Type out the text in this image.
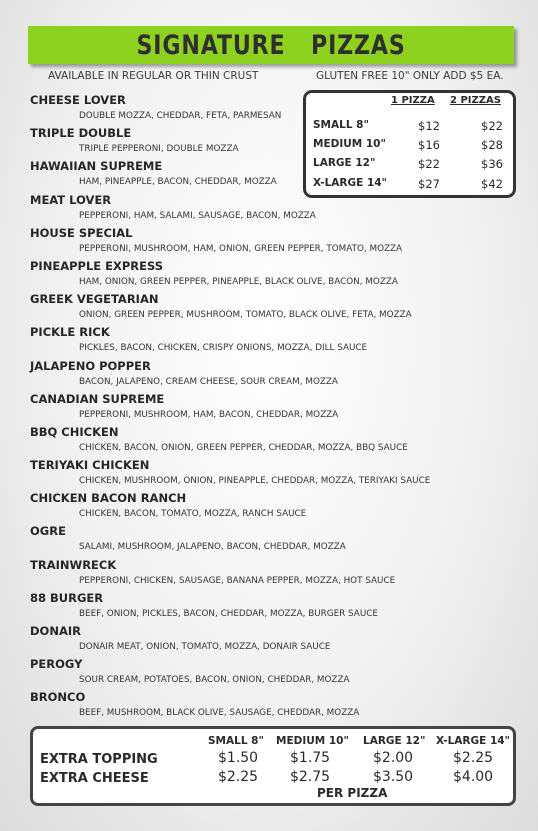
SIGNATURE   PIZZAS
AVAILABLE IN REGULAR OR THIN CRUST	GLUTEN FREE 10" ONLY ADD $5 EA.
CHEESE LOVER
DOUBLE MOZZA, CHEDDAR, FETA, PARMESAN
TRIPLE DOUBLE
TRIPLE PEPPERONI, DOUBLE MOZZA
HAWAIIAN SUPREME
HAM, PINEAPPLE, BACON, CHEDDAR, MOZZA
MEAT LOVER
PEPPERONI, HAM, SALAMI, SAUSAGE, BACON, MOZZA
HOUSE SPECIAL
PEPPERONI, MUSHROOM, HAM, ONION, GREEN PEPPER, TOMATO, MOZZA
PINEAPPLE EXPRESS
HAM, ONION, GREEN PEPPER, PINEAPPLE, BLACK OLIVE, BACON, MOZZA
GREEK VEGETARIAN
ONION, GREEN PEPPER, MUSHROOM, TOMATO, BLACK OLIVE, FETA, MOZZA
PICKLE RICK
PICKLES, BACON, CHICKEN, CRISPY ONIONS, MOZZA, DILL SAUCE
JALAPENO POPPER
BACON, JALAPENO, CREAM CHEESE, SOUR CREAM, MOZZA
CANADIAN SUPREME
PEPPERONI, MUSHROOM, HAM, BACON, CHEDDAR, MOZZA
BBQ CHICKEN
CHICKEN, BACON, ONION, GREEN PEPPER, CHEDDAR, MOZZA, BBQ SAUCE
TERIYAKI CHICKEN
CHICKEN, MUSHROOM, ONION, PINEAPPLE, CHEDDAR, MOZZA, TERIYAKI SAUCE
CHICKEN BACON RANCH
CHICKEN, BACON, TOMATO, MOZZA, RANCH SAUCE
OGRE
SALAMI, MUSHROOM, JALAPENO, BACON, CHEDDAR, MOZZA
TRAINWRECK
PEPPERONI, CHICKEN, SAUSAGE, BANANA PEPPER, MOZZA, HOT SAUCE
88 BURGER
BEEF, ONION, PICKLES, BACON, CHEDDAR, MOZZA, BURGER SAUCE
DONAIR
DONAIR MEAT, ONION, TOMATO, MOZZA, DONAIR SAUCE
PEROGY
SOUR CREAM, POTATOES, BACON, ONION, CHEDDAR, MOZZA
BRONCO
BEEF, MUSHROOM, BLACK OLIVE, SAUSAGE, CHEDDAR, MOZZA
1 PIZZA 2 PIZZAS
SMALL 8"	$12	$22
MEDIUM 10"	$16	$28
LARGE 12"	$22	$36
X-LARGE 14"	$27	$42
PER PIZZA
SMALL 8" MEDIUM 10" LARGE 12" X-LARGE 14"
EXTRA TOPPING	$1.50 $1.75	$2.00	$2.25
EXTRA CHEESE	$2.25 $2.75	$3.50	$4.00
